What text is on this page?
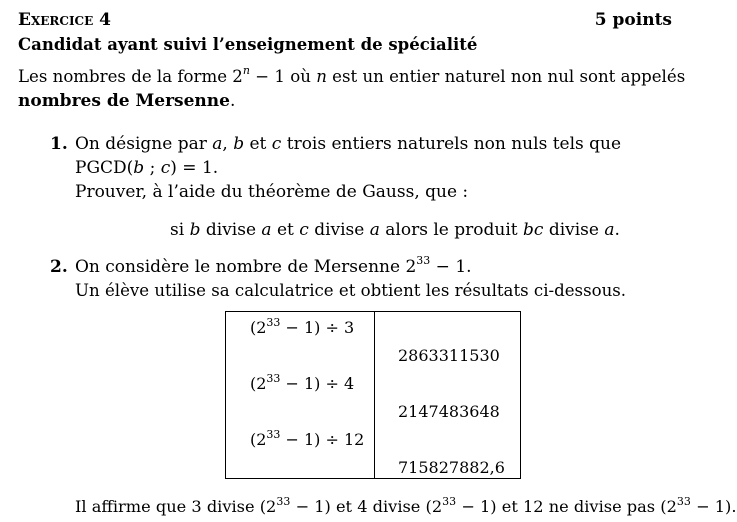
Exercice 4	5 points
Candidat ayant suivi l’enseignement de spécialité
Les nombres de la forme $2^n - 1$ où n est un entier naturel non nul sont appelés
nombres de Mersenne.
1. On désigne par a, b et c trois entiers naturels non nuls tels que
PGCD(b ; c) = 1.
Prouver, à l’aide du théorème de Gauss, que :
si b divise a et c divise a alors le produit bc divise a.
2. On considère le nombre de Mersenne $2^{33} - 1$.
Un élève utilise sa calculatrice et obtient les résultats ci-dessous.
$(2^{33} - 1) \div 3$
2863311530
$(2^{33} - 1) \div 4$
2147483648
$(2^{33} - 1) \div 12$
715827882,6
Il affirme que 3 divise $(2^{33} - 1)$ et 4 divise $(2^{33} - 1)$ et 12 ne divise pas $(2^{33} - 1)$.
